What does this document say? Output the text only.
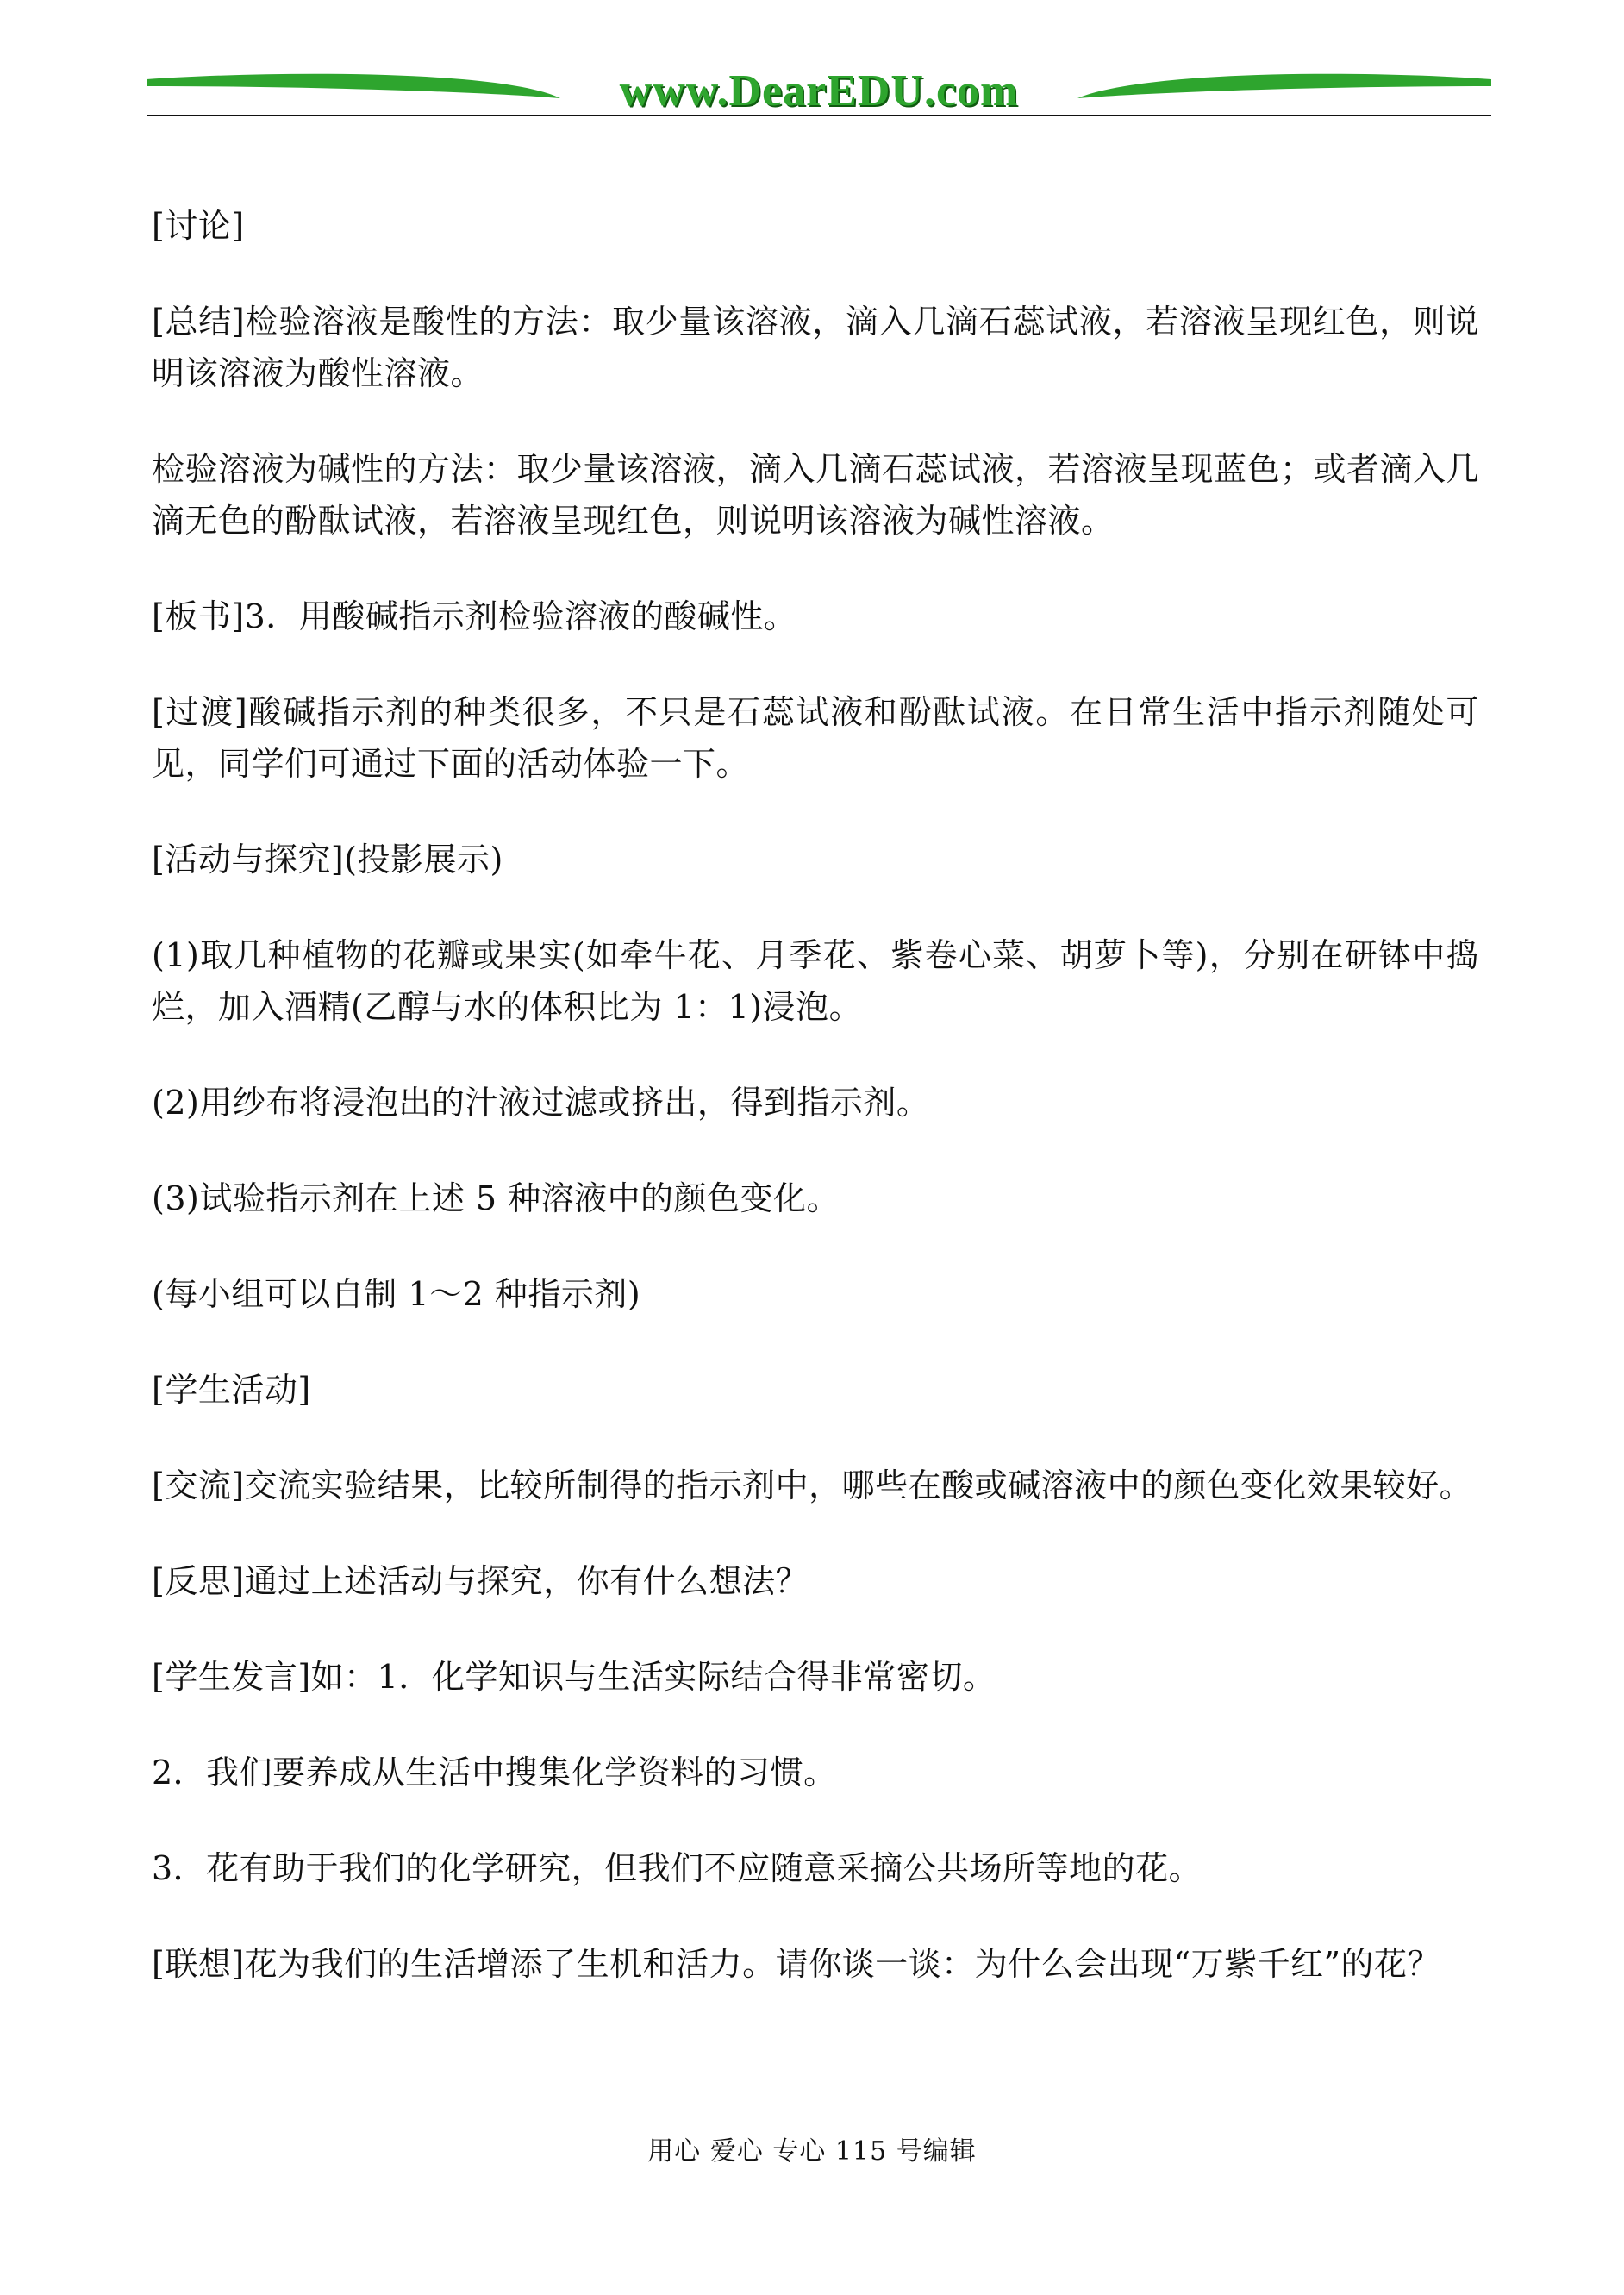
www.DearEDU.com

[讨论]

[总结]检验溶液是酸性的方法：取少量该溶液，滴入几滴石蕊试液，若溶液呈现红色，则说明该溶液为酸性溶液。

检验溶液为碱性的方法：取少量该溶液，滴入几滴石蕊试液，若溶液呈现蓝色；或者滴入几滴无色的酚酞试液，若溶液呈现红色，则说明该溶液为碱性溶液。

[板书]3．用酸碱指示剂检验溶液的酸碱性。

[过渡]酸碱指示剂的种类很多，不只是石蕊试液和酚酞试液。在日常生活中指示剂随处可见，同学们可通过下面的活动体验一下。

[活动与探究](投影展示)

(1)取几种植物的花瓣或果实(如牵牛花、月季花、紫卷心菜、胡萝卜等)，分别在研钵中捣烂，加入酒精(乙醇与水的体积比为 1：1)浸泡。

(2)用纱布将浸泡出的汁液过滤或挤出，得到指示剂。

(3)试验指示剂在上述 5 种溶液中的颜色变化。

(每小组可以自制 1～2 种指示剂)

[学生活动]

[交流]交流实验结果，比较所制得的指示剂中，哪些在酸或碱溶液中的颜色变化效果较好。

[反思]通过上述活动与探究，你有什么想法？

[学生发言]如：1．化学知识与生活实际结合得非常密切。

2．我们要养成从生活中搜集化学资料的习惯。

3．花有助于我们的化学研究，但我们不应随意采摘公共场所等地的花。

[联想]花为我们的生活增添了生机和活力。请你谈一谈：为什么会出现“万紫千红”的花？

用心 爱心 专心 115 号编辑
